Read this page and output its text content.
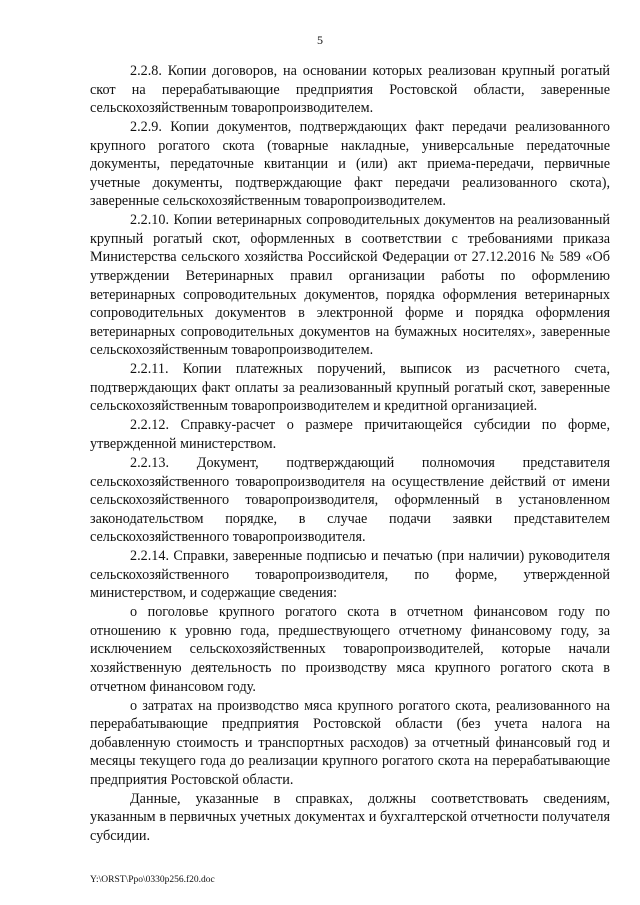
5

2.2.8. Копии договоров, на основании которых реализован крупный рогатый скот на перерабатывающие предприятия Ростовской области, заверенные сельскохозяйственным товаропроизводителем.

2.2.9. Копии документов, подтверждающих факт передачи реализованного крупного рогатого скота (товарные накладные, универсальные передаточные документы, передаточные квитанции и (или) акт приема-передачи, первичные учетные документы, подтверждающие факт передачи реализованного скота), заверенные сельскохозяйственным товаропроизводителем.

2.2.10. Копии ветеринарных сопроводительных документов на реализованный крупный рогатый скот, оформленных в соответствии с требованиями приказа Министерства сельского хозяйства Российской Федерации от 27.12.2016 № 589 «Об утверждении Ветеринарных правил организации работы по оформлению ветеринарных сопроводительных документов, порядка оформления ветеринарных сопроводительных документов в электронной форме и порядка оформления ветеринарных сопроводительных документов на бумажных носителях», заверенные сельскохозяйственным товаропроизводителем.

2.2.11. Копии платежных поручений, выписок из расчетного счета, подтверждающих факт оплаты за реализованный крупный рогатый скот, заверенные сельскохозяйственным товаропроизводителем и кредитной организацией.

2.2.12. Справку-расчет о размере причитающейся субсидии по форме, утвержденной министерством.

2.2.13. Документ, подтверждающий полномочия представителя сельскохозяйственного товаропроизводителя на осуществление действий от имени сельскохозяйственного товаропроизводителя, оформленный в установленном законодательством порядке, в случае подачи заявки представителем сельскохозяйственного товаропроизводителя.

2.2.14. Справки, заверенные подписью и печатью (при наличии) руководителя сельскохозяйственного товаропроизводителя, по форме, утвержденной министерством, и содержащие сведения:

о поголовье крупного рогатого скота в отчетном финансовом году по отношению к уровню года, предшествующего отчетному финансовому году, за исключением сельскохозяйственных товаропроизводителей, которые начали хозяйственную деятельность по производству мяса крупного рогатого скота в отчетном финансовом году.

о затратах на производство мяса крупного рогатого скота, реализованного на перерабатывающие предприятия Ростовской области (без учета налога на добавленную стоимость и транспортных расходов) за отчетный финансовый год и месяцы текущего года до реализации крупного рогатого скота на перерабатывающие предприятия Ростовской области.

Данные, указанные в справках, должны соответствовать сведениям, указанным в первичных учетных документах и бухгалтерской отчетности получателя субсидии.

Y:\ORST\Ppo\0330p256.f20.doc
